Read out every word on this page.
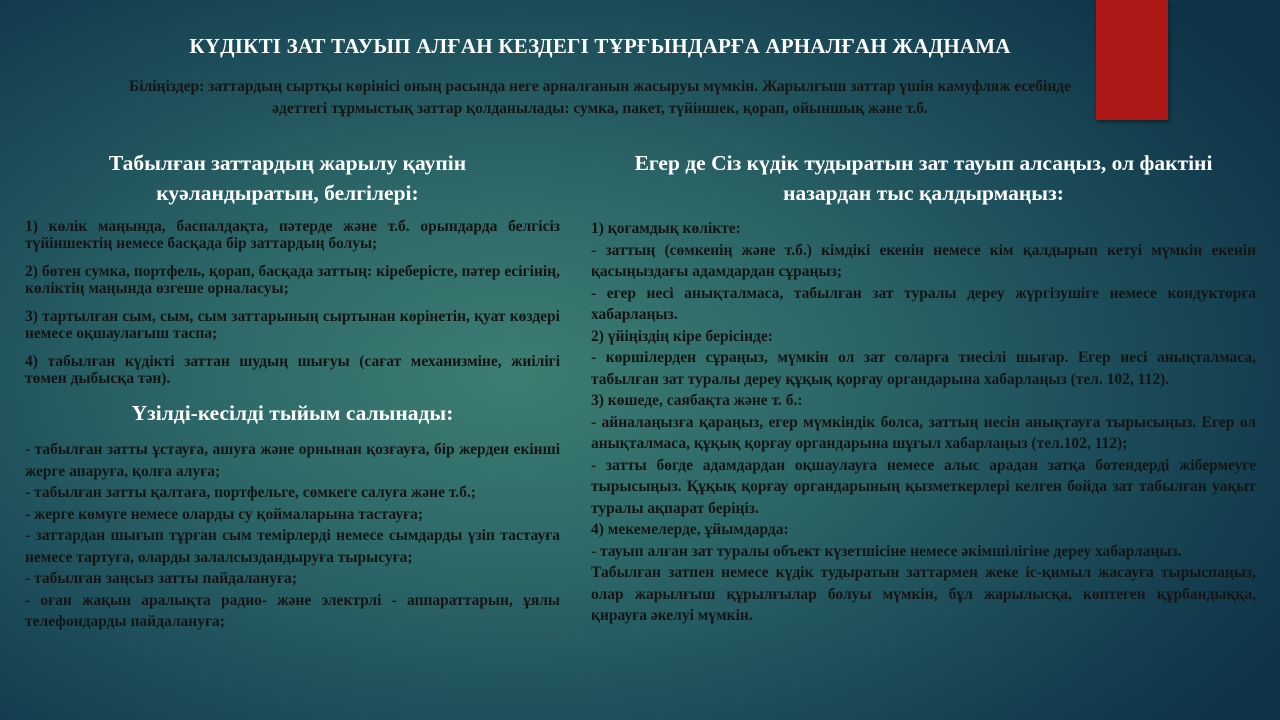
КҮДІКТІ ЗАТ ТАУЫП АЛҒАН КЕЗДЕГІ ТҰРҒЫНДАРҒА АРНАЛҒАН ЖАДНАМА

Біліңіздер: заттардың сыртқы көрінісі оның расында неге арналғанын жасыруы мүмкін. Жарылғыш заттар үшін камуфляж есебінде әдеттегі тұрмыстық заттар қолданылады: сумка, пакет, түйіншек, қорап, ойыншық және т.б.

Табылған заттардың жарылу қаупін куәландыратын, белгілері:

1) көлік маңында, баспалдақта, пәтерде және т.б. орындарда белгісіз түйіншектің немесе басқада бір заттардың болуы;

2) бөтен сумка, портфель, қорап, басқада заттың: кіреберісте, пәтер есігінің, көліктің маңында өзгеше орналасуы;

3) тартылған сым, сым, сым заттарының сыртынан көрінетін, қуат көздері немесе оқшаулағыш таспа;

4) табылған күдікті заттан шудың шығуы (сағат механизміне, жиілігі төмен дыбысқа тән).

Үзілді-кесілді тыйым салынады:

- табылған затты ұстауға, ашуға және орнынан қозғауға, бір жерден екінші жерге апаруға, қолға алуға;

- табылған затты қалтаға, портфельге, сөмкеге салуға және т.б.;

- жерге көмуге немесе оларды су қоймаларына тастауға;

- заттардан шығып тұрған сым темірлерді немесе сымдарды үзіп тастауға немесе тартуға, оларды залалсыздандыруға тырысуға;

- табылған заңсыз затты пайдалануға;

- оған жақын аралықта радио- және электрлі - аппараттарын, ұялы телефондарды пайдалануға;

Егер де Сіз күдік тудыратын зат тауып алсаңыз, ол фактіні назардан тыс қалдырмаңыз:

1) қоғамдық көлікте:

- заттың (сөмкенің және т.б.) кімдікі екенін немесе кім қалдырып кетуі мүмкін екенін қасыңыздағы адамдардан сұраңыз;

- егер иесі анықталмаса, табылған зат туралы дереу жүргізушіге немесе кондукторға хабарлаңыз.

2) үйіңіздің кіре берісінде:

- көршілерден сұраңыз, мүмкін ол зат соларға тиесілі шығар. Егер иесі анықталмаса, табылған зат туралы дереу құқық қорғау органдарына хабарлаңыз (тел. 102, 112).

3) көшеде, саябақта және т. б.:

- айналаңызға қараңыз, егер мүмкіндік болса, заттың иесін анықтауға тырысыңыз. Егер ол анықталмаса, құқық қорғау органдарына шұғыл хабарлаңыз (тел.102, 112);

- затты бөгде адамдардан оқшаулауға немесе алыс арадан затқа бөтендерді жібермеуге тырысыңыз. Құқық қорғау органдарының қызметкерлері келген бойда зат табылған уақыт туралы ақпарат беріңіз.

4) мекемелерде, ұйымдарда:

- тауып алған зат туралы объект күзетшісіне немесе әкімшілігіне дереу хабарлаңыз.

Табылған затпен немесе күдік тудыратын заттармен жеке іс-қимыл жасауға тырыспаңыз, олар жарылғыш құрылғылар болуы мүмкін, бұл жарылысқа, көптеген құрбандыққа, қирауға әкелуі мүмкін.
